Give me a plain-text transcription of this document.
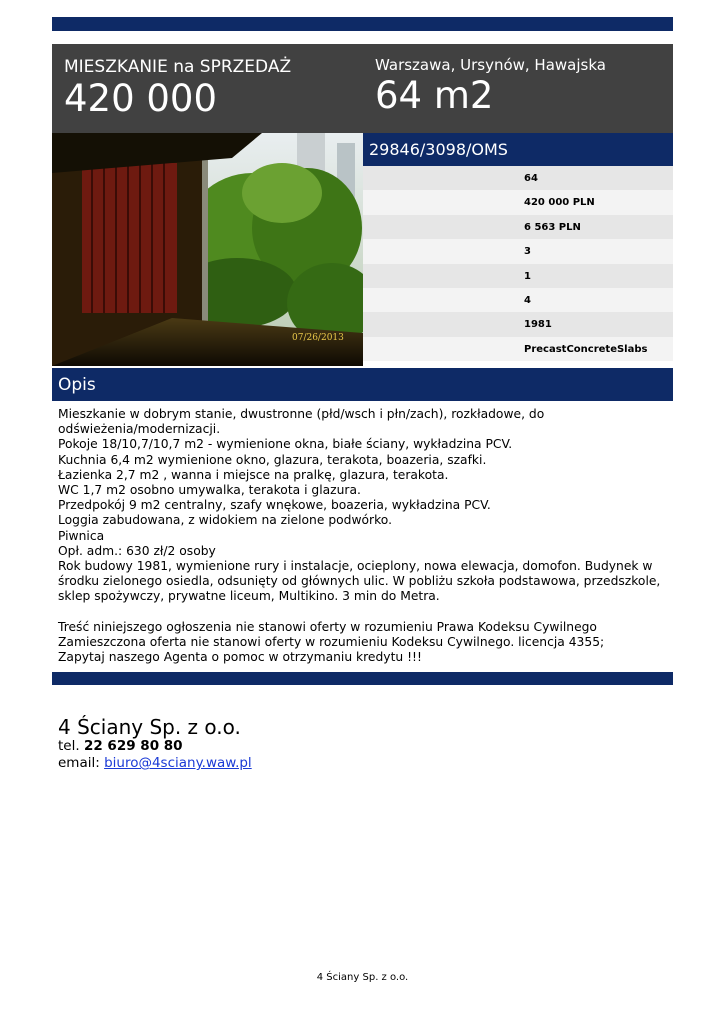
MIESZKANIE na SPRZEDAŻ
420 000
Warszawa, Ursynów, Hawajska
64 m2
07/26/2013
29846/3098/OMS
64
420 000 PLN
6 563 PLN
3
1
4
1981
PrecastConcreteSlabs
Opis
Mieszkanie w dobrym stanie, dwustronne (płd/wsch i płn/zach), rozkładowe, do
odświeżenia/modernizacji.
Pokoje 18/10,7/10,7 m2 - wymienione okna, białe ściany, wykładzina PCV.
Kuchnia 6,4 m2 wymienione okno, glazura, terakota, boazeria, szafki.
Łazienka 2,7 m2 , wanna i miejsce na pralkę, glazura, terakota.
WC 1,7 m2 osobno umywalka, terakota i glazura.
Przedpokój 9 m2 centralny, szafy wnękowe, boazeria, wykładzina PCV.
Loggia zabudowana, z widokiem na zielone podwórko.
Piwnica
Opł. adm.: 630 zł/2 osoby
Rok budowy 1981, wymienione rury i instalacje, ocieplony, nowa elewacja, domofon. Budynek w
środku zielonego osiedla, odsunięty od głównych ulic. W pobliżu szkoła podstawowa, przedszkole,
sklep spożywczy, prywatne liceum, Multikino. 3 min do Metra.
Treść niniejszego ogłoszenia nie stanowi oferty w rozumieniu Prawa Kodeksu Cywilnego
Zamieszczona oferta nie stanowi oferty w rozumieniu Kodeksu Cywilnego. licencja 4355;
Zapytaj naszego Agenta o pomoc w otrzymaniu kredytu !!!
4 Ściany Sp. z o.o.
tel. 22 629 80 80
email: biuro@4sciany.waw.pl
4 Ściany Sp. z o.o.
